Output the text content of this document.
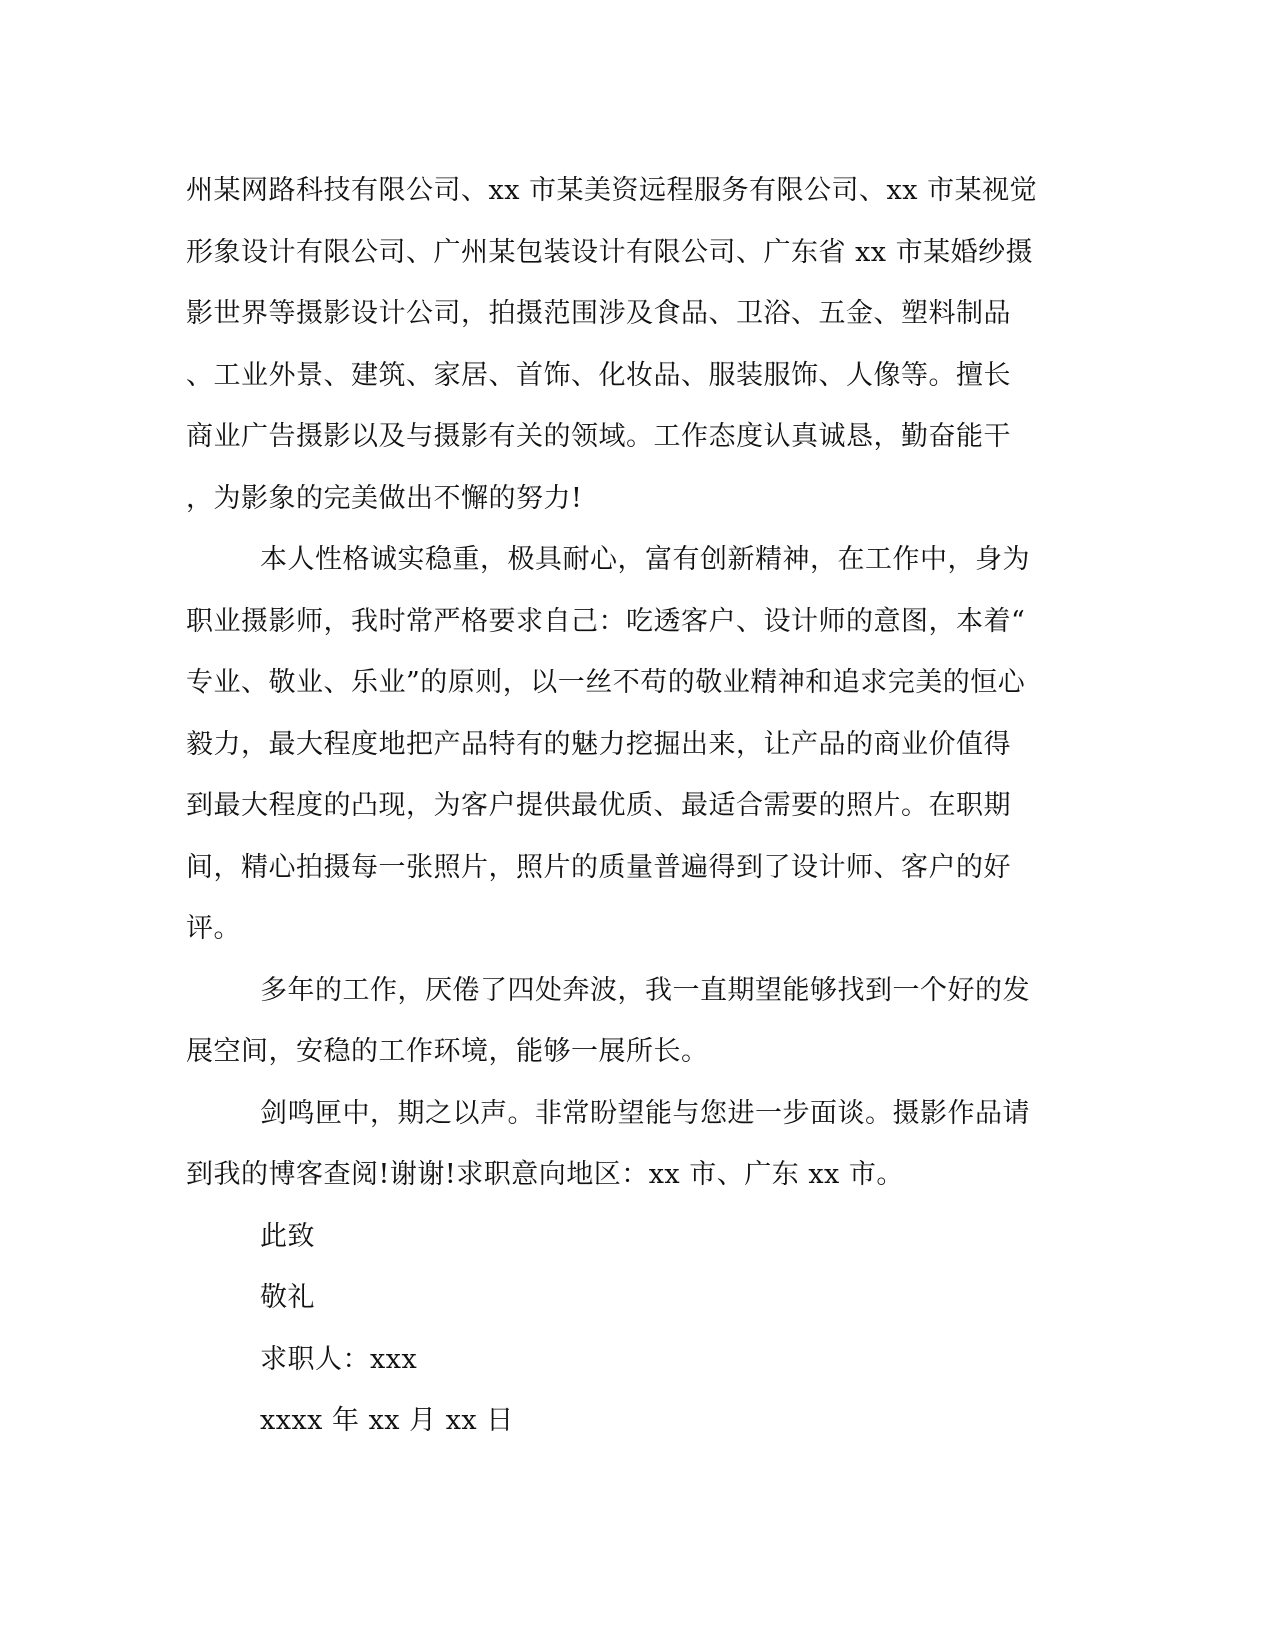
州某网路科技有限公司、xx 市某美资远程服务有限公司、xx 市某视觉

形象设计有限公司、广州某包装设计有限公司、广东省 xx 市某婚纱摄

影世界等摄影设计公司，拍摄范围涉及食品、卫浴、五金、塑料制品

、工业外景、建筑、家居、首饰、化妆品、服装服饰、人像等。擅长

商业广告摄影以及与摄影有关的领域。工作态度认真诚恳，勤奋能干

，为影象的完美做出不懈的努力!

本人性格诚实稳重，极具耐心，富有创新精神，在工作中，身为

职业摄影师，我时常严格要求自己：吃透客户、设计师的意图，本着“

专业、敬业、乐业”的原则，以一丝不苟的敬业精神和追求完美的恒心

毅力，最大程度地把产品特有的魅力挖掘出来，让产品的商业价值得

到最大程度的凸现，为客户提供最优质、最适合需要的照片。在职期

间，精心拍摄每一张照片，照片的质量普遍得到了设计师、客户的好

评。

多年的工作，厌倦了四处奔波，我一直期望能够找到一个好的发

展空间，安稳的工作环境，能够一展所长。

剑鸣匣中，期之以声。非常盼望能与您进一步面谈。摄影作品请

到我的博客查阅!谢谢!求职意向地区：xx 市、广东 xx 市。

此致

敬礼

求职人：xxx

xxxx 年 xx 月 xx 日
